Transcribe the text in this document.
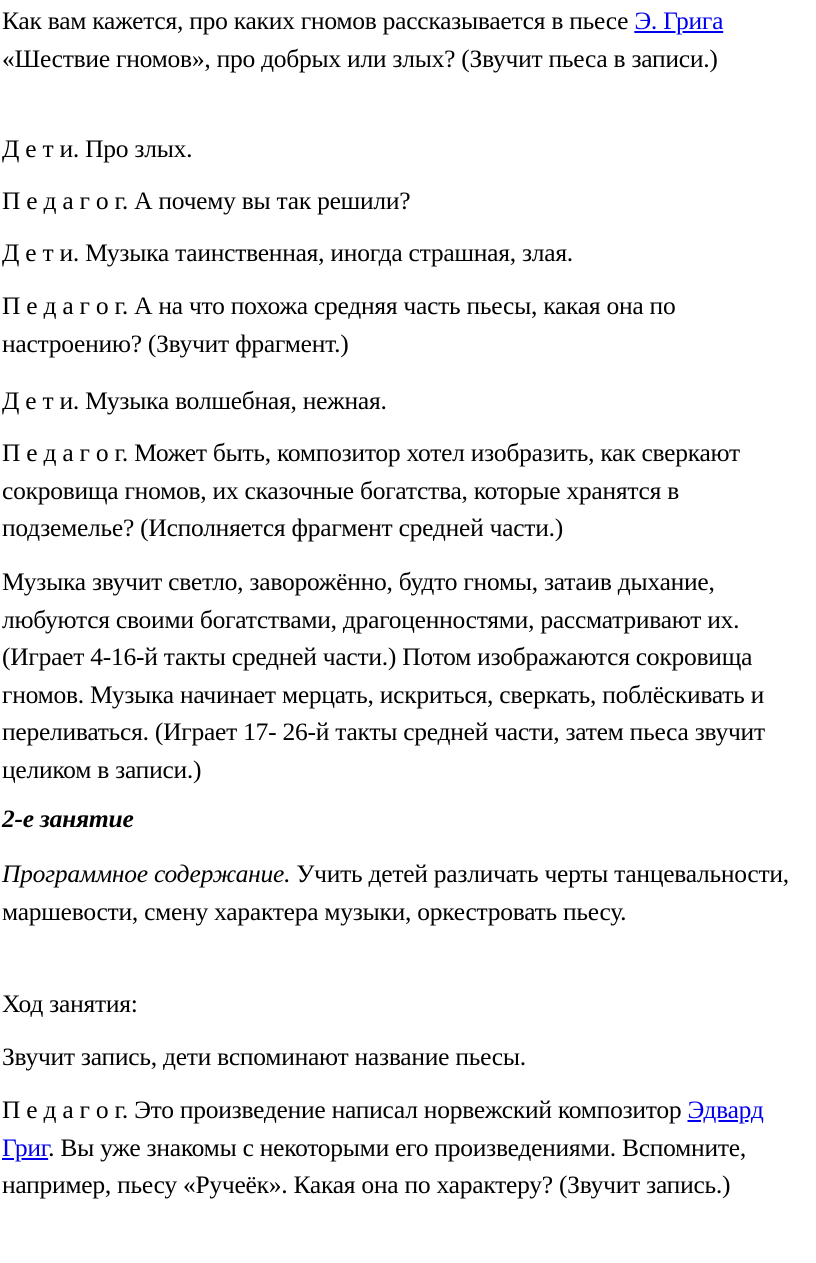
Как вам кажется, про каких гномов рассказывается в пьесе Э. Грига «Шествие гномов», про добрых или злых? (Звучит пьеса в записи.)

Д е т и. Про злых.

П е д а г о г. А почему вы так решили?

Д е т и. Музыка таинственная, иногда страшная, злая.

П е д а г о г. А на что похожа средняя часть пьесы, какая она по настроению? (Звучит фрагмент.)

Д е т и. Музыка волшебная, нежная.

П е д а г о г. Может быть, композитор хотел изобразить, как сверкают сокровища гномов, их сказочные богатства, которые хранятся в подземелье? (Исполняется фрагмент средней части.)

Музыка звучит светло, заворожённо, будто гномы, затаив дыхание, любуются своими богатствами, драгоценностями, рассматривают их. (Играет 4-16-й такты средней части.) Потом изображаются сокровища гномов. Музыка начинает мерцать, искриться, сверкать, поблёскивать и переливаться. (Играет 17- 26-й такты средней части, затем пьеса звучит целиком в записи.)

2-е занятие

Программное содержание. Учить детей различать черты танцевальности, маршевости, смену характера музыки, оркестровать пьесу.

Ход занятия:

Звучит запись, дети вспоминают название пьесы.

П е д а г о г. Это произведение написал норвежский композитор Эдвард Григ. Вы уже знакомы с некоторыми его произведениями. Вспомните, например, пьесу «Ручеёк». Какая она по характеру? (Звучит запись.)
